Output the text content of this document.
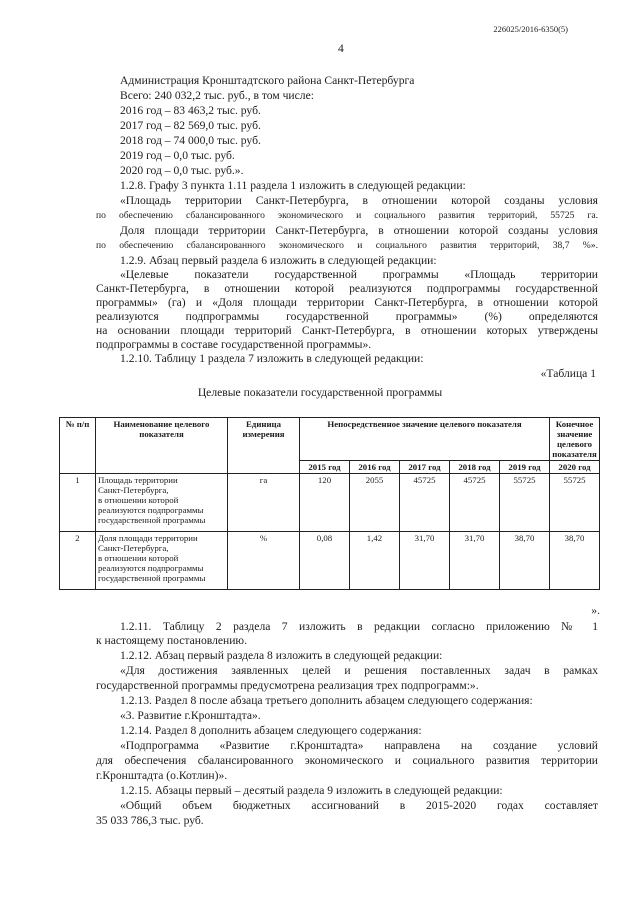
226025/2016-6350(5)
4
Администрация Кронштадтского района Санкт-Петербурга
Всего: 240 032,2 тыс. руб., в том числе:
2016 год – 83 463,2 тыс. руб.
2017 год – 82 569,0 тыс. руб.
2018 год – 74 000,0 тыс. руб.
2019 год – 0,0 тыс. руб.
2020 год – 0,0 тыс. руб.».
1.2.8. Графу 3 пункта 1.11 раздела 1 изложить в следующей редакции:
«Площадь территории Санкт-Петербурга, в отношении которой созданы условия
по обеспечению сбалансированного экономического и социального развития территорий, 55725 га.
Доля площади территории Санкт-Петербурга, в отношении которой созданы условия
по обеспечению сбалансированного экономического и социального развития территорий, 38,7 %».
1.2.9. Абзац первый раздела 6 изложить в следующей редакции:
«Целевые показатели государственной программы «Площадь территории
Санкт-Петербурга, в отношении которой реализуются подпрограммы государственной
программы» (га) и «Доля площади территории Санкт-Петербурга, в отношении которой
реализуются подпрограммы государственной программы» (%) определяются
на основании площади территорий Санкт-Петербурга, в отношении которых утверждены
подпрограммы в составе государственной программы».
1.2.10. Таблицу 1 раздела 7 изложить в следующей редакции:
«Таблица 1
Целевые показатели государственной программы
№ п/п	Наименование целевого показателя	Единица измерения	Непосредственное значение целевого показателя					Конечное значение целевого показателя
			2015 год	2016 год	2017 год	2018 год	2019 год	2020 год
1	Площадь территории
Санкт-Петербурга,
в отношении которой
реализуются подпрограммы
государственной программы	га	120	2055	45725	45725	55725	55725
2	Доля площади территории
Санкт-Петербурга,
в отношении которой
реализуются подпрограммы
государственной программы	%	0,08	1,42	31,70	31,70	38,70	38,70
».
1.2.11. Таблицу 2 раздела 7 изложить в редакции согласно приложению № 1
к настоящему постановлению.
1.2.12. Абзац первый раздела 8 изложить в следующей редакции:
«Для достижения заявленных целей и решения поставленных задач в рамках
государственной программы предусмотрена реализация трех подпрограмм:».
1.2.13. Раздел 8 после абзаца третьего дополнить абзацем следующего содержания:
«3. Развитие г.Кронштадта».
1.2.14. Раздел 8 дополнить абзацем следующего содержания:
«Подпрограмма «Развитие г.Кронштадта» направлена на создание условий
для обеспечения сбалансированного экономического и социального развития территории
г.Кронштадта (о.Котлин)».
1.2.15. Абзацы первый – десятый раздела 9 изложить в следующей редакции:
«Общий объем бюджетных ассигнований в 2015-2020 годах составляет
35 033 786,3 тыс. руб.
